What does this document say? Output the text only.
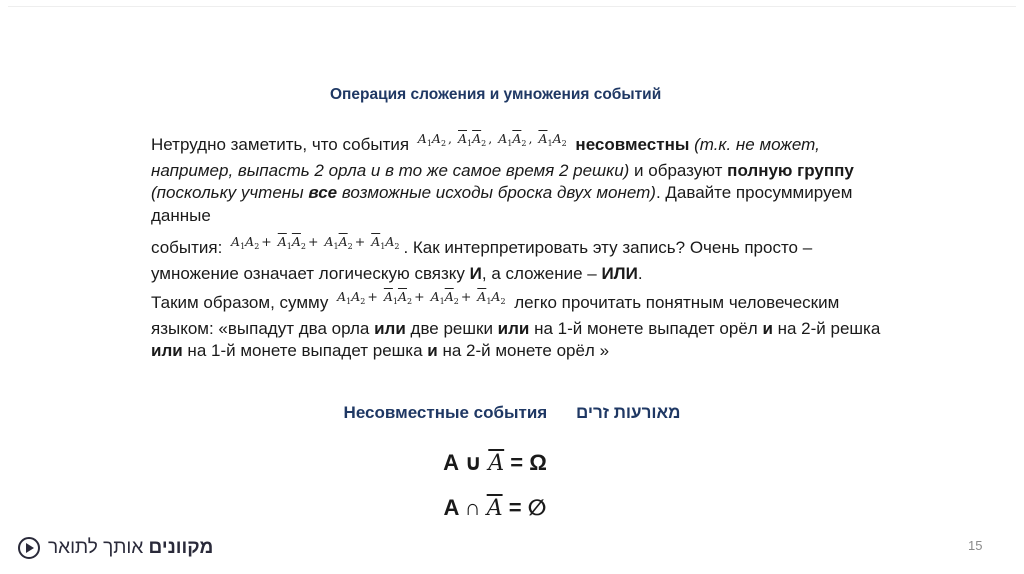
Операция сложения и умножения событий
Нетрудно заметить, что события $A_1A_2$ , $\overline{A}_1\overline{A}_2$ , $A_1\overline{A}_2$ , $\overline{A}_1A_2$ несовместны (т.к. не может, например, выпасть 2 орла и в то же самое время 2 решки) и образуют полную группу (поскольку учтены все возможные исходы броска двух монет). Давайте просуммируем данные
события: $A_1A_2 + \overline{A}_1\overline{A}_2 + A_1\overline{A}_2 + \overline{A}_1A_2$ . Как интерпретировать эту запись? Очень просто – умножение означает логическую связку И, а сложение – ИЛИ.
Таким образом, сумму $A_1A_2 + \overline{A}_1\overline{A}_2 + A_1\overline{A}_2 + \overline{A}_1A_2$ легко прочитать понятным человеческим языком: «выпадут два орла или две решки или на 1-й монете выпадет орёл и на 2-й решка или на 1-й монете выпадет решка и на 2-й монете орёл »
Несовместные события מאורעות זרים
A ∪ $\overline{A} = \Omega$
A ∩ $\overline{A}$ = ∅
מקוונים אותך לתואר	15
